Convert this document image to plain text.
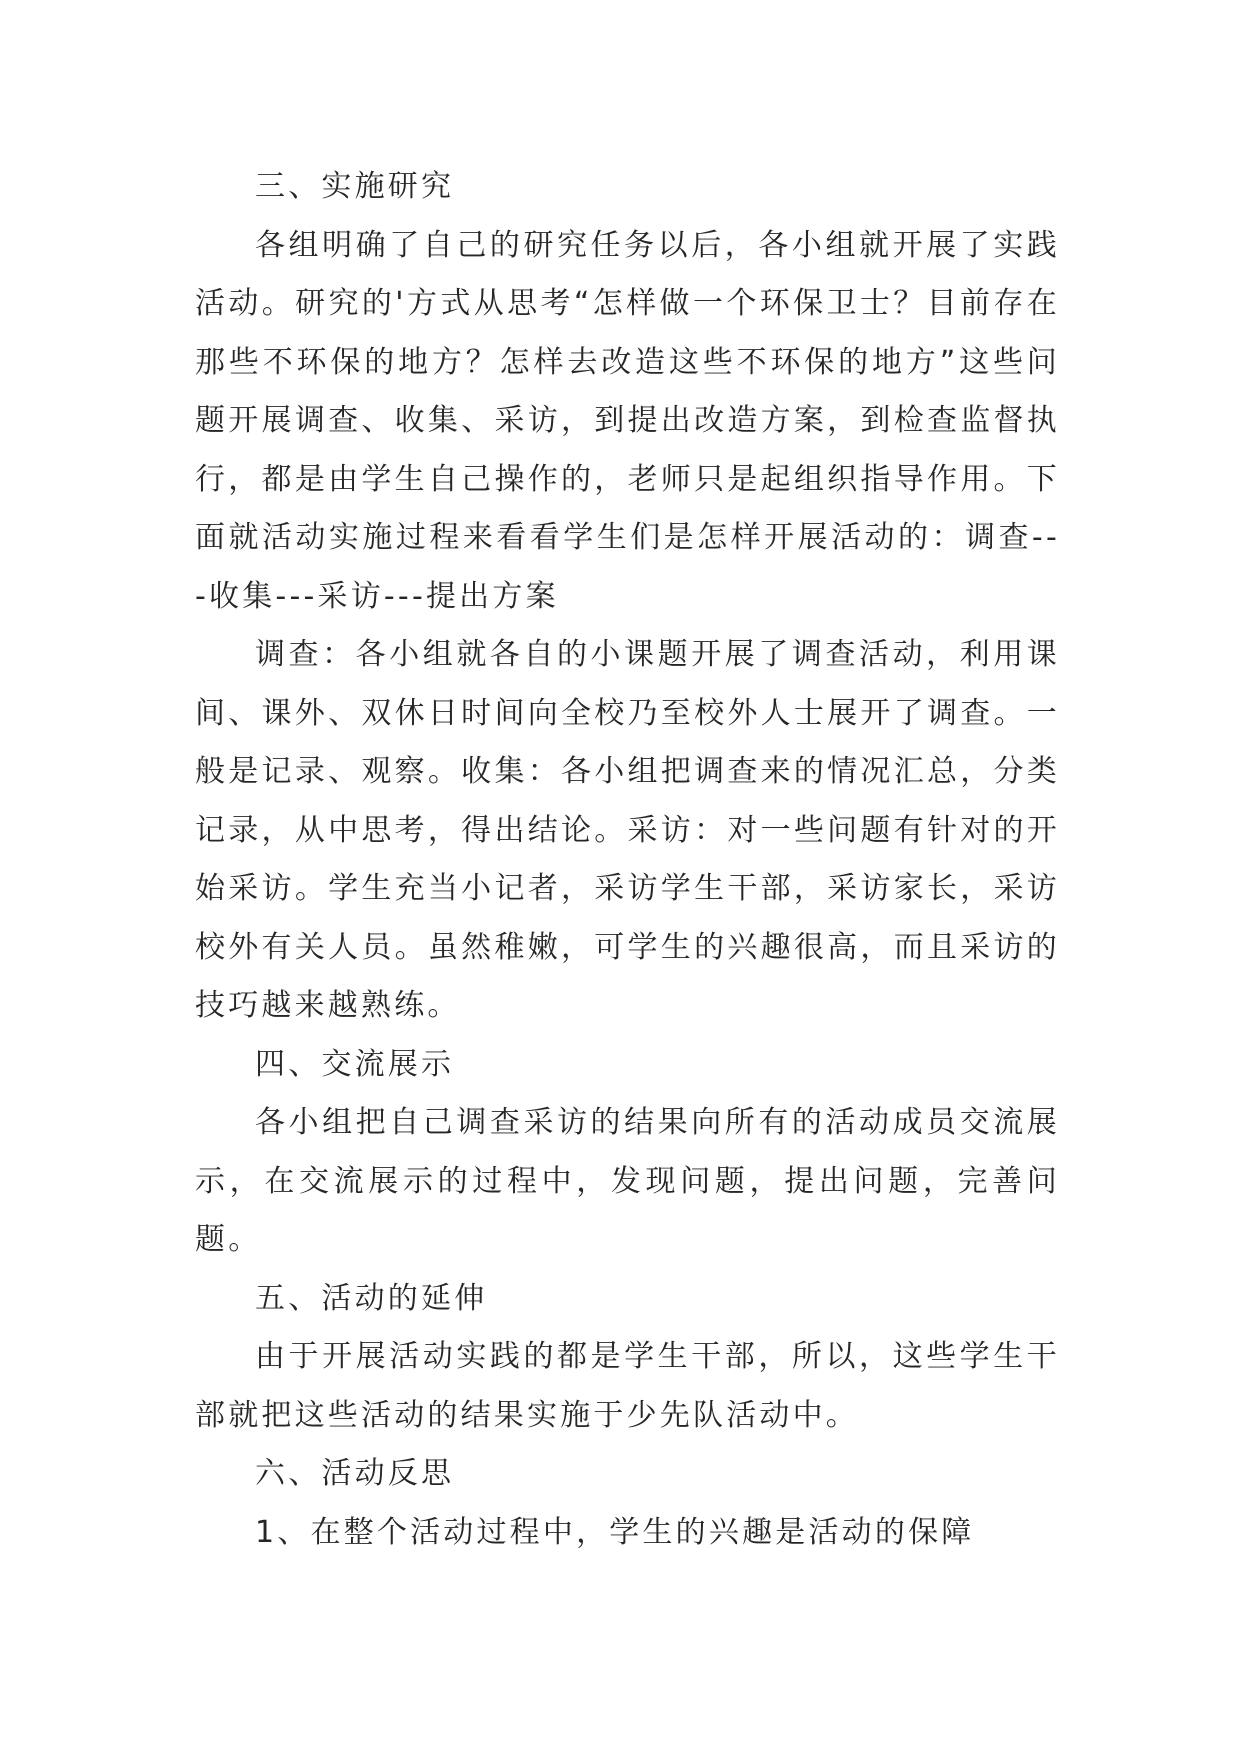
三、实施研究

各组明确了自己的研究任务以后，各小组就开展了实践活动。研究的'方式从思考“怎样做一个环保卫士？目前存在那些不环保的地方？怎样去改造这些不环保的地方”这些问题开展调查、收集、采访，到提出改造方案，到检查监督执行，都是由学生自己操作的，老师只是起组织指导作用。下面就活动实施过程来看看学生们是怎样开展活动的：调查---收集---采访---提出方案

调查：各小组就各自的小课题开展了调查活动，利用课间、课外、双休日时间向全校乃至校外人士展开了调查。一般是记录、观察。收集：各小组把调查来的情况汇总，分类记录，从中思考，得出结论。采访：对一些问题有针对的开始采访。学生充当小记者，采访学生干部，采访家长，采访校外有关人员。虽然稚嫩，可学生的兴趣很高，而且采访的技巧越来越熟练。

四、交流展示

各小组把自己调查采访的结果向所有的活动成员交流展示，在交流展示的过程中，发现问题，提出问题，完善问题。

五、活动的延伸

由于开展活动实践的都是学生干部，所以，这些学生干部就把这些活动的结果实施于少先队活动中。

六、活动反思

1、在整个活动过程中，学生的兴趣是活动的保障
